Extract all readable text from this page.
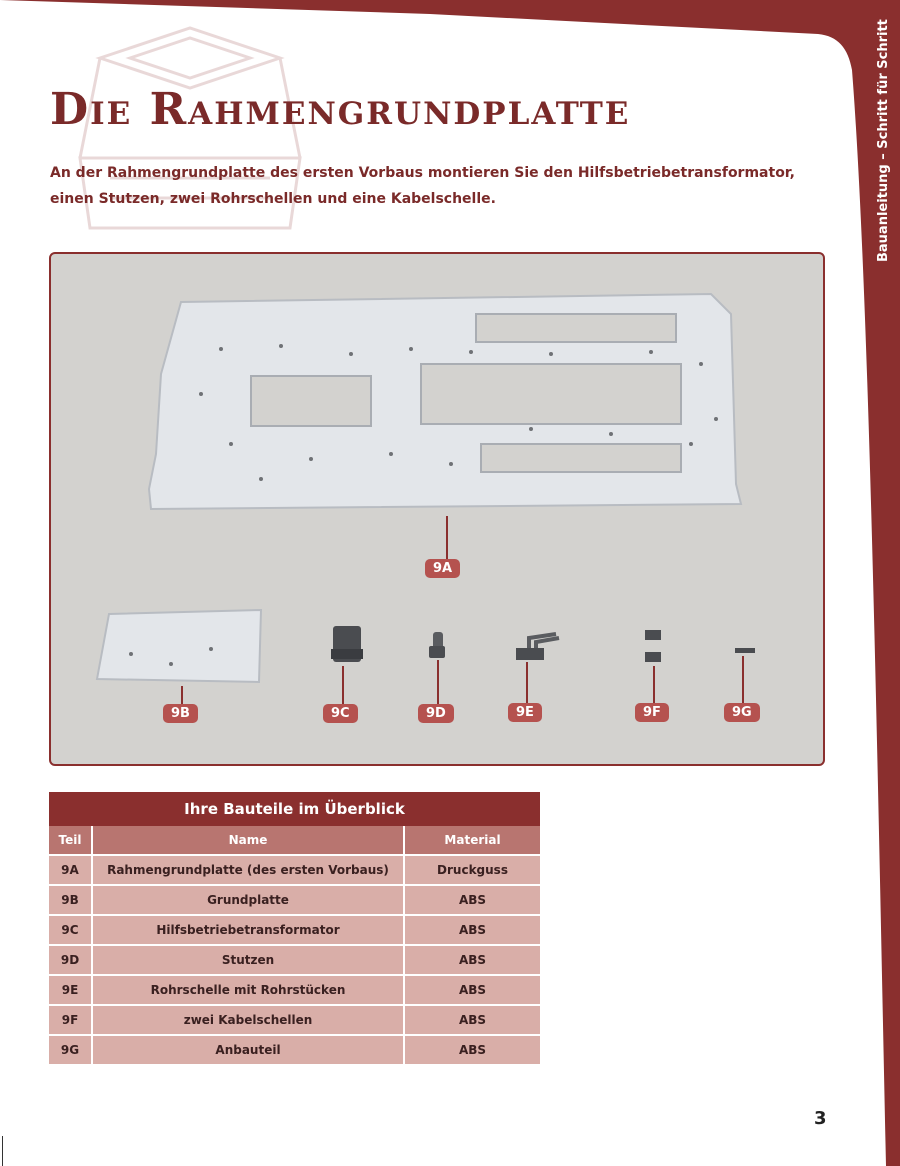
Bauanleitung – Schritt für Schritt
Die Rahmengrundplatte

An der Rahmengrundplatte des ersten Vorbaus montieren Sie den Hilfsbetriebetransformator, einen Stutzen, zwei Rohrschellen und eine Kabelschelle.

9A
9B	9C	9D	9E	9F	9G
Ihre Bauteile im Überblick		
Teil	Name	Material
9A	Rahmengrundplatte (des ersten Vorbaus)	Druckguss
9B	Grundplatte	ABS
9C	Hilfsbetriebetransformator	ABS
9D	Stutzen	ABS
9E	Rohrschelle mit Rohrstücken	ABS
9F	zwei Kabelschellen	ABS
9G	Anbauteil	ABS

3
